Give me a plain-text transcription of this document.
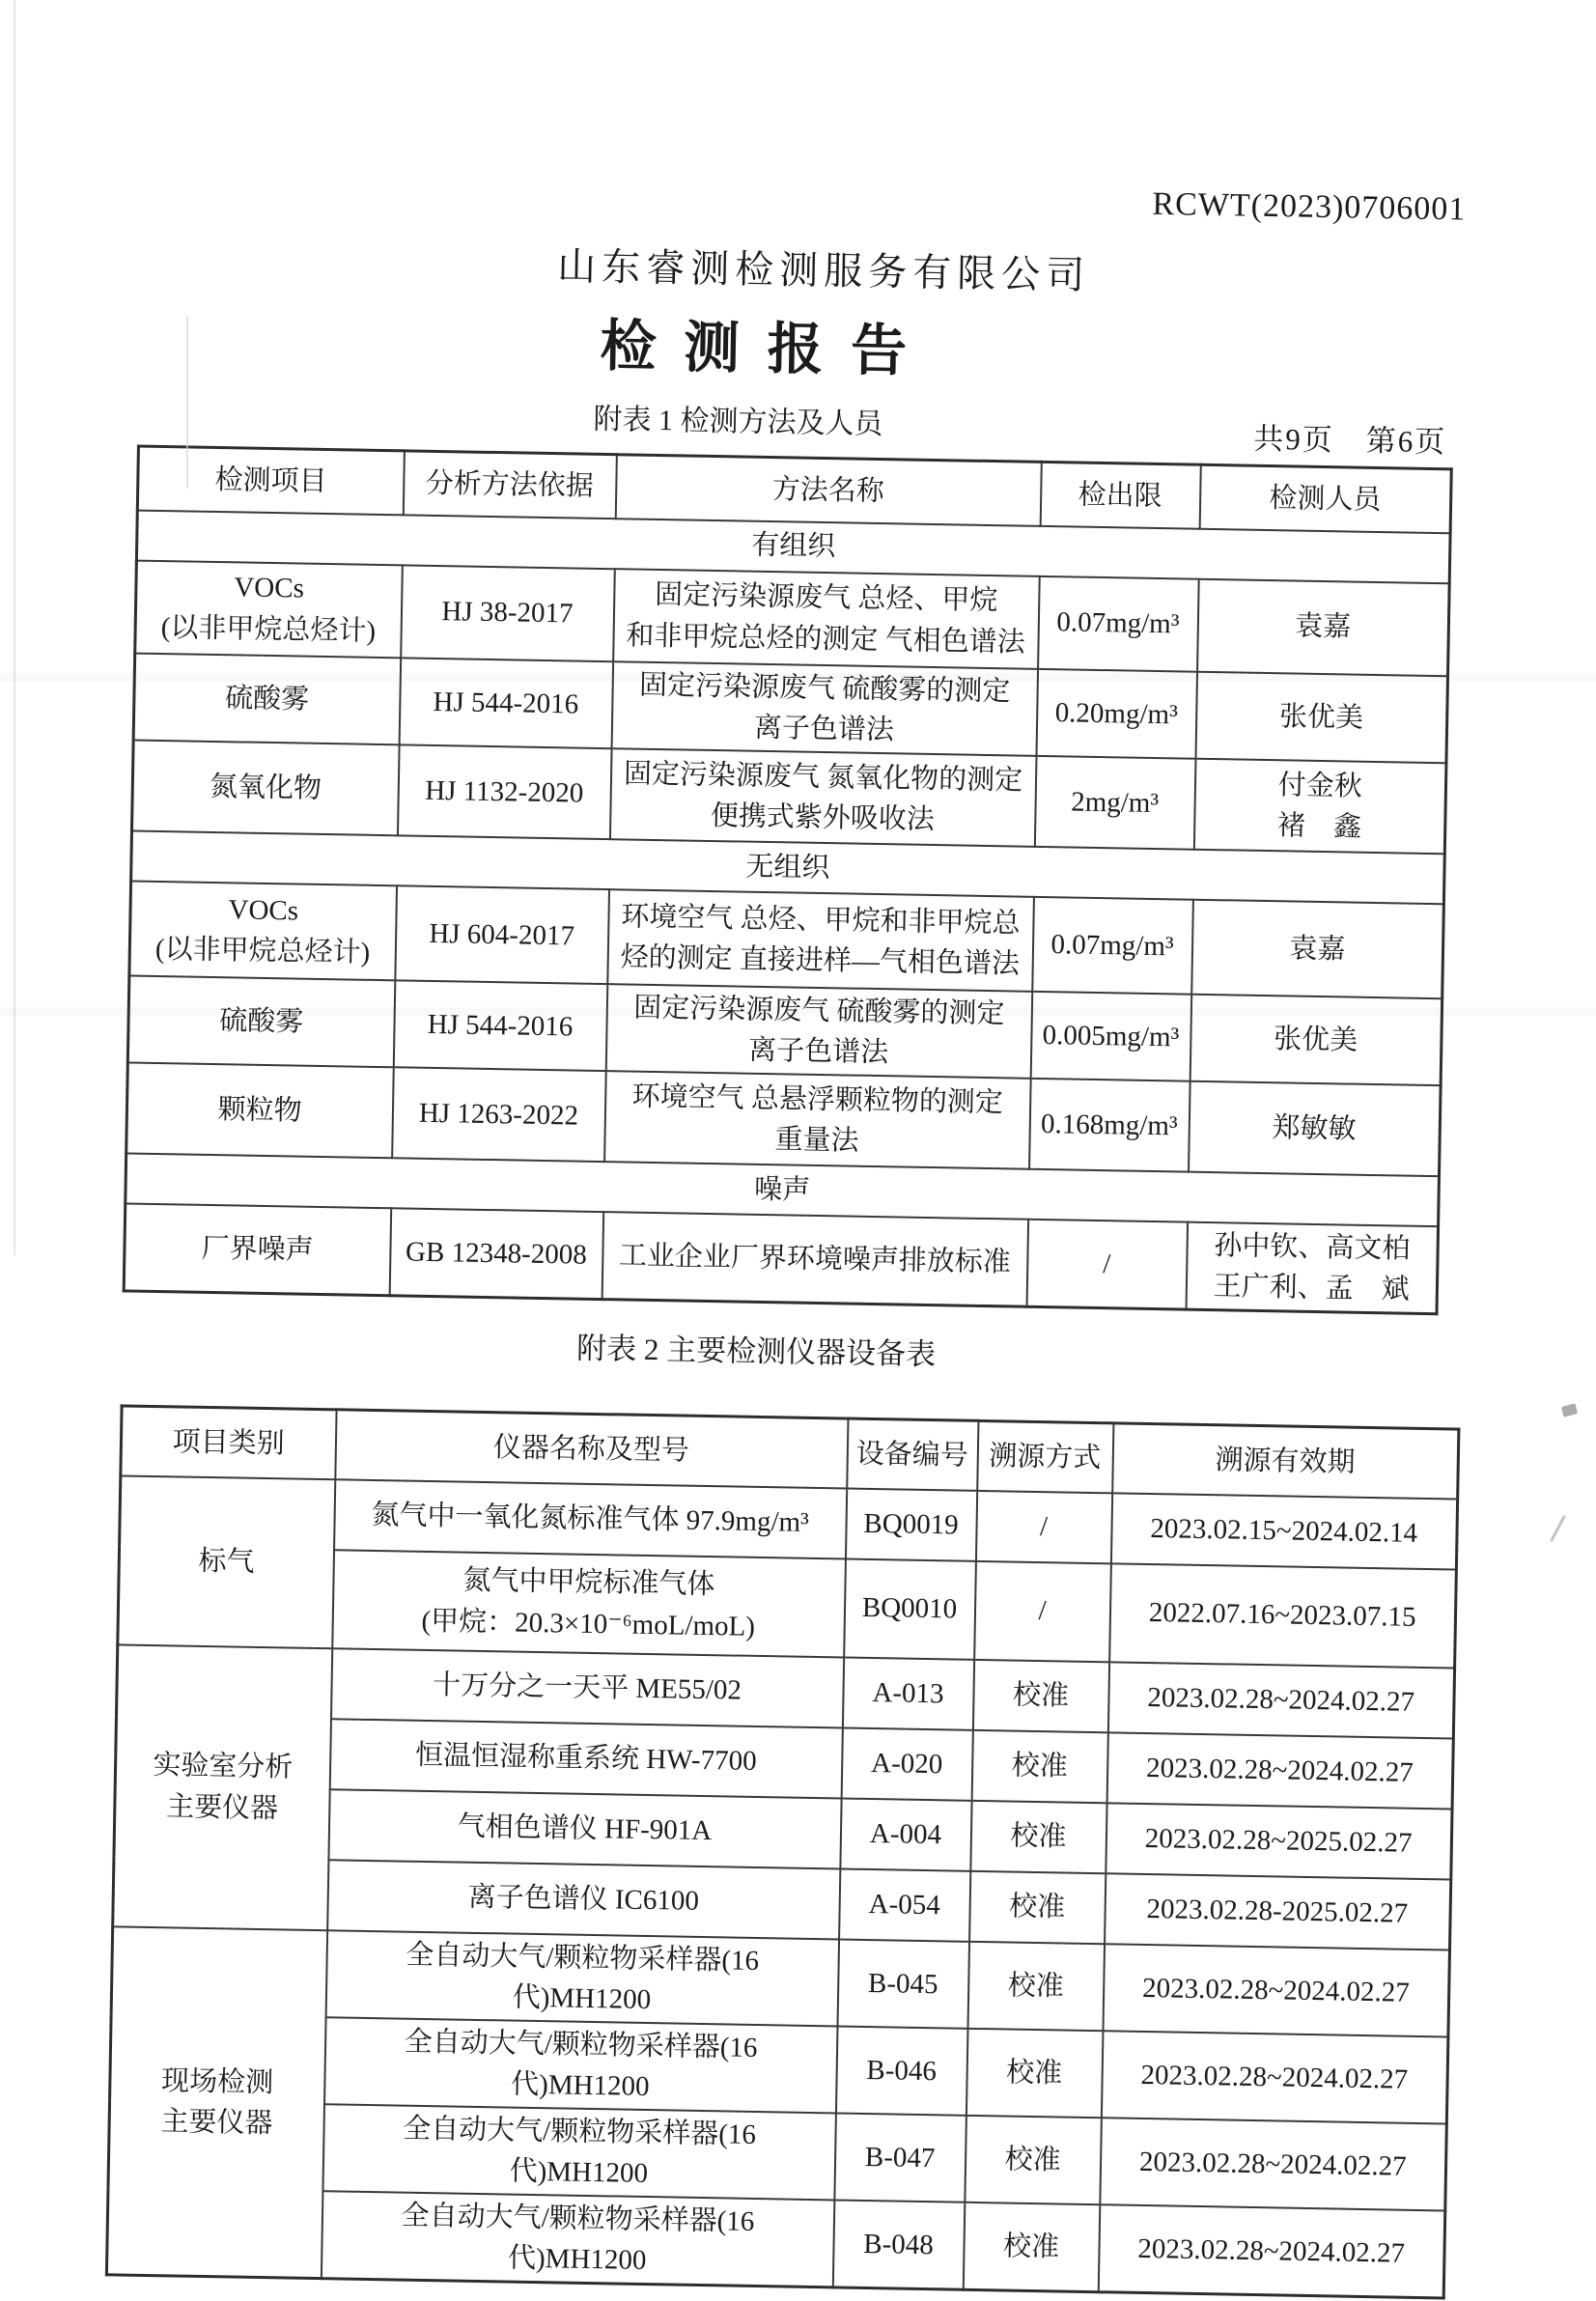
RCWT(2023)0706001
山东睿测检测服务有限公司
检 测 报 告
附表 1 检测方法及人员	共9页　第6页
检测项目	分析方法依据	方法名称	检出限	检测人员
有组织				
VOCs
(以非甲烷总烃计)	HJ 38-2017	固定污染源废气 总烃、甲烷
和非甲烷总烃的测定 气相色谱法	0.07mg/m³	袁嘉
硫酸雾	HJ 544-2016	固定污染源废气 硫酸雾的测定
离子色谱法	0.20mg/m³	张优美
氮氧化物	HJ 1132-2020	固定污染源废气 氮氧化物的测定
便携式紫外吸收法	2mg/m³	付金秋
褚　鑫
无组织				
VOCs
(以非甲烷总烃计)	HJ 604-2017	环境空气 总烃、甲烷和非甲烷总
烃的测定 直接进样—气相色谱法	0.07mg/m³	袁嘉
硫酸雾	HJ 544-2016	固定污染源废气 硫酸雾的测定
离子色谱法	0.005mg/m³	张优美
颗粒物	HJ 1263-2022	环境空气 总悬浮颗粒物的测定
重量法	0.168mg/m³	郑敏敏
噪声				
厂界噪声	GB 12348-2008	工业企业厂界环境噪声排放标准	/	孙中钦、高文柏
王广利、孟　斌
附表 2 主要检测仪器设备表
项目类别	仪器名称及型号	设备编号	溯源方式	溯源有效期
标气	氮气中一氧化氮标准气体 97.9mg/m³	BQ0019	/	2023.02.15~2024.02.14
	氮气中甲烷标准气体
(甲烷：20.3×10⁻⁶moL/moL)	BQ0010	/	2022.07.16~2023.07.15
实验室分析
主要仪器	十万分之一天平 ME55/02	A-013	校准	2023.02.28~2024.02.27
	恒温恒湿称重系统 HW-7700	A-020	校准	2023.02.28~2024.02.27
	气相色谱仪 HF-901A	A-004	校准	2023.02.28~2025.02.27
	离子色谱仪 IC6100	A-054	校准	2023.02.28-2025.02.27
现场检测
主要仪器	全自动大气/颗粒物采样器(16 代)MH1200	B-045	校准	2023.02.28~2024.02.27
	全自动大气/颗粒物采样器(16 代)MH1200	B-046	校准	2023.02.28~2024.02.27
	全自动大气/颗粒物采样器(16 代)MH1200	B-047	校准	2023.02.28~2024.02.27
	全自动大气/颗粒物采样器(16 代)MH1200	B-048	校准	2023.02.28~2024.02.27
